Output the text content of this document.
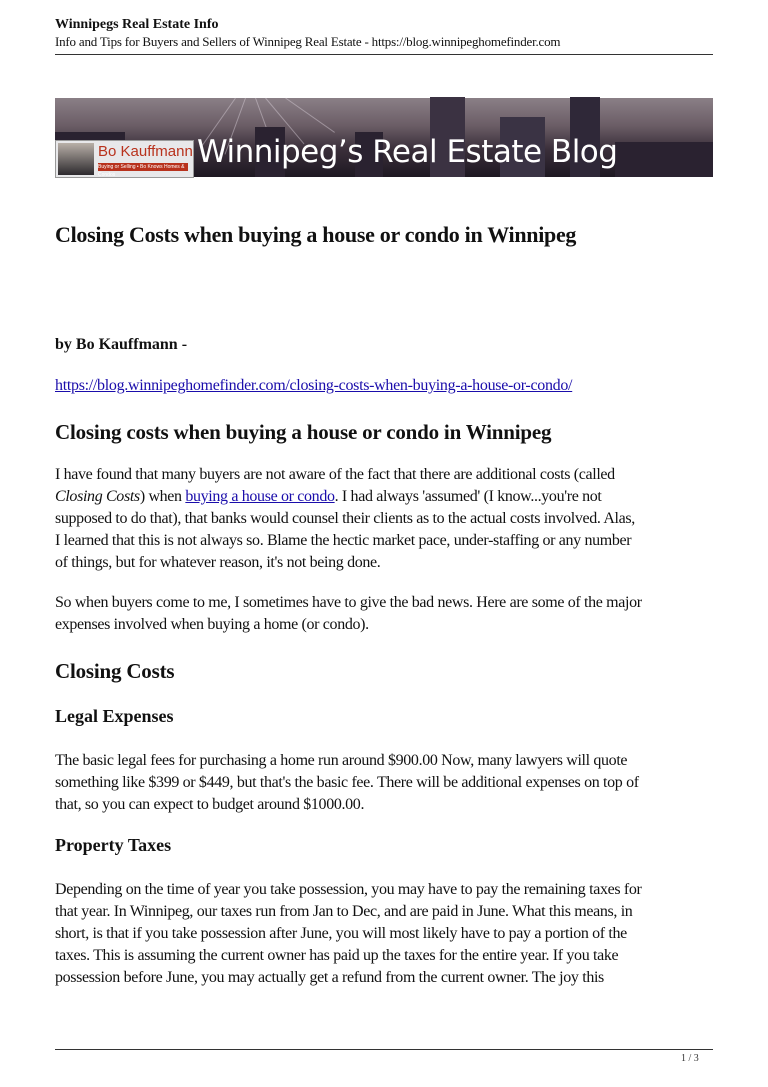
Winnipegs Real Estate Info
Info and Tips for Buyers and Sellers of Winnipeg Real Estate - https://blog.winnipeghomefinder.com
Bo Kauffmann
Buying or Selling • Bo Knows Homes & Condos
Winnipeg’s Real Estate Blog
Closing Costs when buying a house or condo in Winnipeg
by Bo Kauffmann -
https://blog.winnipeghomefinder.com/closing-costs-when-buying-a-house-or-condo/
Closing costs when buying a house or condo in Winnipeg
I have found that many buyers are not aware of the fact that there are additional costs (called
Closing Costs) when buying a house or condo. I had always 'assumed' (I know...you're not
supposed to do that), that banks would counsel their clients as to the actual costs involved. Alas,
I learned that this is not always so. Blame the hectic market pace, under-staffing or any number
of things, but for whatever reason, it's not being done.
So when buyers come to me, I sometimes have to give the bad news. Here are some of the major
expenses involved when buying a home (or condo).
Closing Costs
Legal Expenses
The basic legal fees for purchasing a home run around $900.00 Now, many lawyers will quote
something like $399 or $449, but that's the basic fee. There will be additional expenses on top of
that, so you can expect to budget around $1000.00.
Property Taxes
Depending on the time of year you take possession, you may have to pay the remaining taxes for
that year. In Winnipeg, our taxes run from Jan to Dec, and are paid in June. What this means, in
short, is that if you take possession after June, you will most likely have to pay a portion of the
taxes. This is assuming the current owner has paid up the taxes for the entire year. If you take
possession before June, you may actually get a refund from the current owner. The joy this
1 / 3
